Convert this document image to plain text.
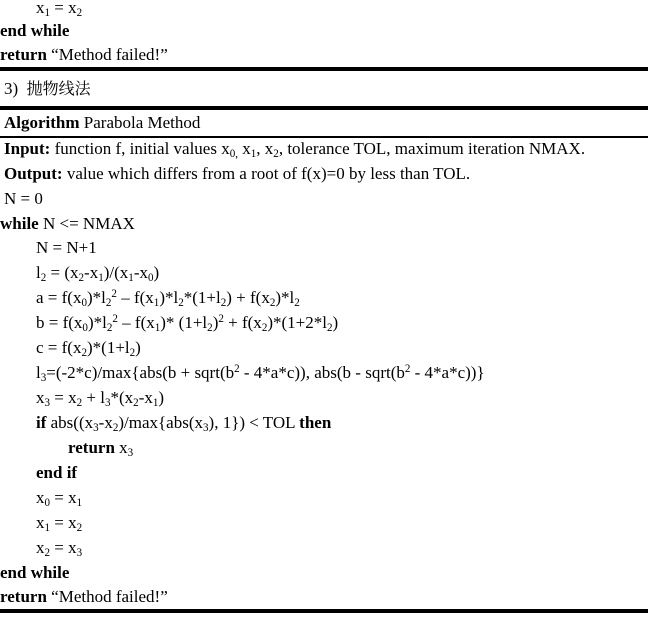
$x_1 = x_2$
end while
return “Method failed!”
3) 抛物线法
Algorithm Parabola Method
Input: function f, initial values $x_{0,}$ $x_1$, $x_2$, tolerance TOL, maximum iteration NMAX.
Output: value which differs from a root of f(x)=0 by less than TOL.
N = 0
while N <= NMAX
N = N+1
$l_2 = (x_2-x_1)/(x_1-x_0)$
$a = f(x_0)*l_2^2 - f(x_1)*l_2*(1+l_2) + f(x_2)*l_2$
$b = f(x_0)*l_2^2 - f(x_1)*$ $(1+l_2)^2 + f(x_2)*(1+2*l_2)$
$c = f(x_2)*(1+l_2)$
$l_3=(-2*c)/\max\{abs(b$ + $sqrt(b^2 - 4*a*c)$), $abs(b - sqrt(b^2 - 4*a*c))$}
$x_3 = x_2 + l_3*(x_2-x_1)$
if $abs((x_3-x_2)/\max\{abs(x_3)$, 1}) < TOL then
return $x_3$
end if
$x_0 = x_1$
$x_1 = x_2$
$x_2 = x_3$
end while
return “Method failed!”
